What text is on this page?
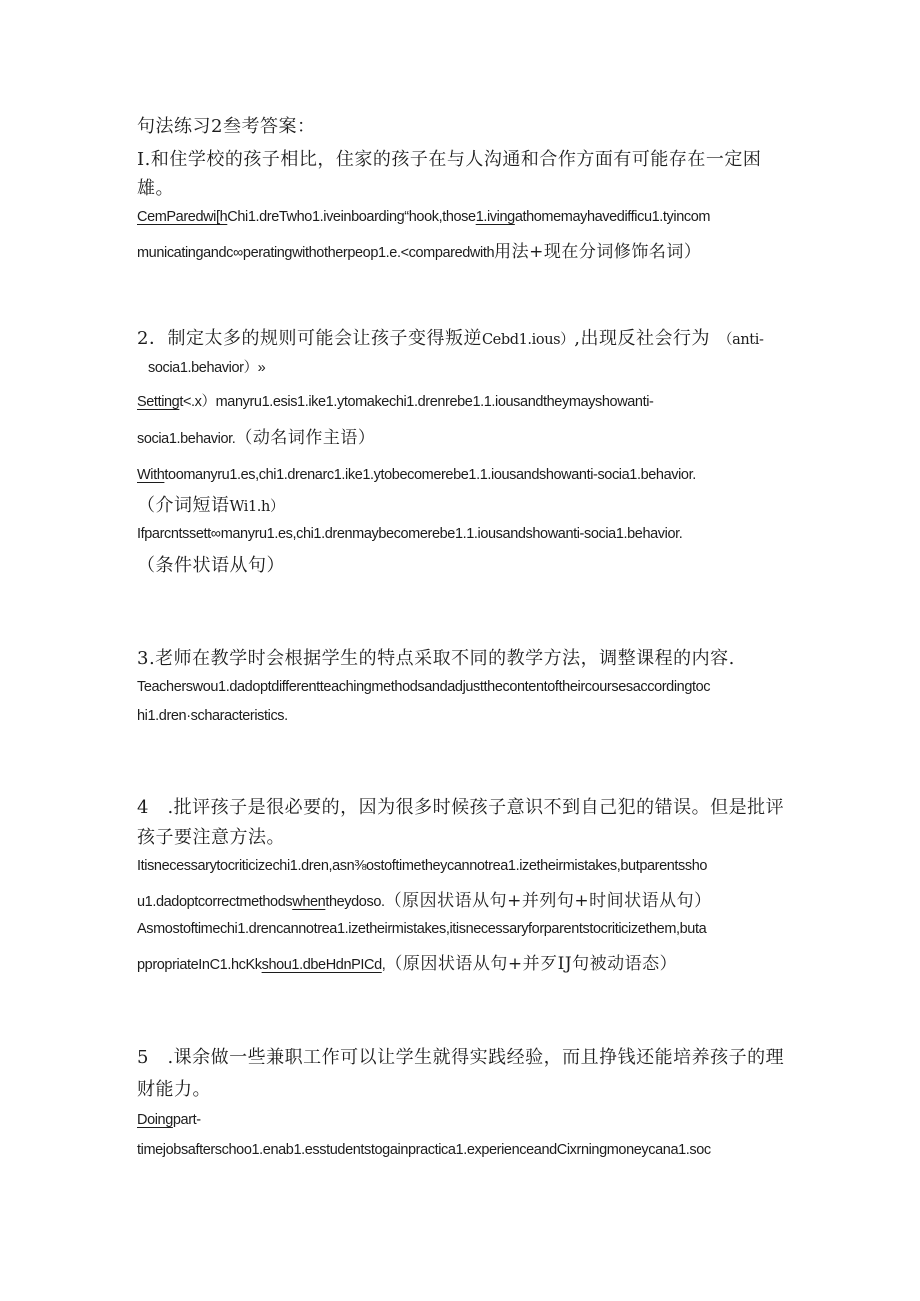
句法练习2叁考答案：

I.和住学校的孩子相比，住家的孩子在与人沟通和合作方面有可能存在一定困

雄。

CemParedwi[hChi1.dreTwho1.iveinboarding“hook,those1.ivingathomemayhavedifficu1.tyincom

municatingandc∞peratingwithotherpeop1.e.<comparedwith用法+现在分词修饰名词）

2．制定太多的规则可能会让孩子变得叛逆Cebd1.ious）,出现反社会行为 （anti-

socia1.behavior）»

Settingt<.x）manyru1.esis1.ike1.ytomakechi1.drenrebe1.1.iousandtheymayshowanti-

socia1.behavior.（动名词作主语）

Withtoomanyru1.es,chi1.drenarc1.ike1.ytobecomerebe1.1.iousandshowanti-socia1.behavior.

（介词短语Wi1.h）

Ifparcntssett∞manyru1.es,chi1.drenmaybecomerebe1.1.iousandshowanti-socia1.behavior.

（条件状语从句）

3.老师在教学时会根据学生的特点采取不同的教学方法，调整课程的内容.

Teacherswou1.dadoptdifferentteachingmethodsandadjustthecontentoftheircoursesaccordingtoc

hi1.dren·scharacteristics.

4　.批评孩子是很必要的，因为很多时候孩子意识不到自己犯的错误。但是批评

孩子要注意方法。

Itisnecessarytocriticizechi1.dren,asn⅜ostoftimetheycannotrea1.izetheirmistakes,butparentssho

u1.dadoptcorrectmethodswhentheydoso.（原因状语从句+并列句+时间状语从句）

Asmostoftimechi1.drencannotrea1.izetheirmistakes,itisnecessaryforparentstocriticizethem,buta

ppropriateInC1.hcKkshou1.dbeHdnPICd,（原因状语从句+并歹IJ句被动语态）

5　.课余做一些兼职工作可以让学生就得实践经验，而且挣钱还能培养孩子的理

财能力。

Doingpart-

timejobsafterschoo1.enab1.esstudentstogainpractica1.experienceandCixrningmoneycana1.soc
